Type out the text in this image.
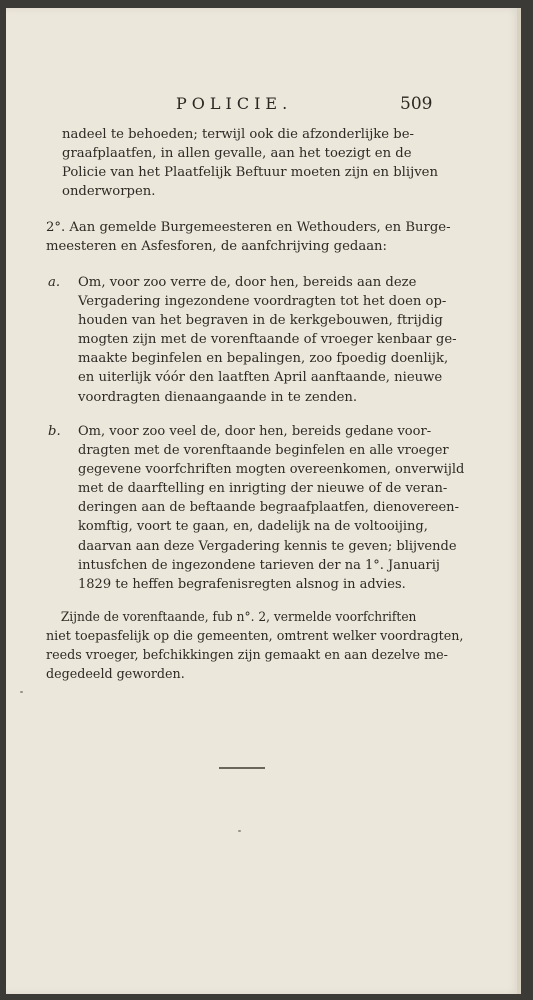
POLICIE.	509
nadeel te behoeden; terwijl ook die afzonderlijke be-
graafplaatfen, in allen gevalle, aan het toezigt en de
Policie van het Plaatfelijk Beftuur moeten zijn en blijven
onderworpen.
2°. Aan gemelde Burgemeesteren en Wethouders, en Burge-
meesteren en Asfesforen, de aanfchrijving gedaan:
a. Om, voor zoo verre de, door hen, bereids aan deze
Vergadering ingezondene voordragten tot het doen op-
houden van het begraven in de kerkgebouwen, ftrijdig
mogten zijn met de vorenftaande of vroeger kenbaar ge-
maakte beginfelen en bepalingen, zoo fpoedig doenlijk,
en uiterlijk vóór den laatften April aanftaande, nieuwe
voordragten dienaangaande in te zenden.
b. Om, voor zoo veel de, door hen, bereids gedane voor-
dragten met de vorenftaande beginfelen en alle vroeger
gegevene voorfchriften mogten overeenkomen, onverwijld
met de daarftelling en inrigting der nieuwe of de veran-
deringen aan de beftaande begraafplaatfen, dienovereen-
komftig, voort te gaan, en, dadelijk na de voltooijing,
daarvan aan deze Vergadering kennis te geven; blijvende
intusfchen de ingezondene tarieven der na 1°. Januarij
1829 te heffen begrafenisregten alsnog in advies.
Zijnde de vorenftaande, fub n°. 2, vermelde voorfchriften
niet toepasfelijk op die gemeenten, omtrent welker voordragten,
reeds vroeger, befchikkingen zijn gemaakt en aan dezelve me-
degedeeld geworden.
